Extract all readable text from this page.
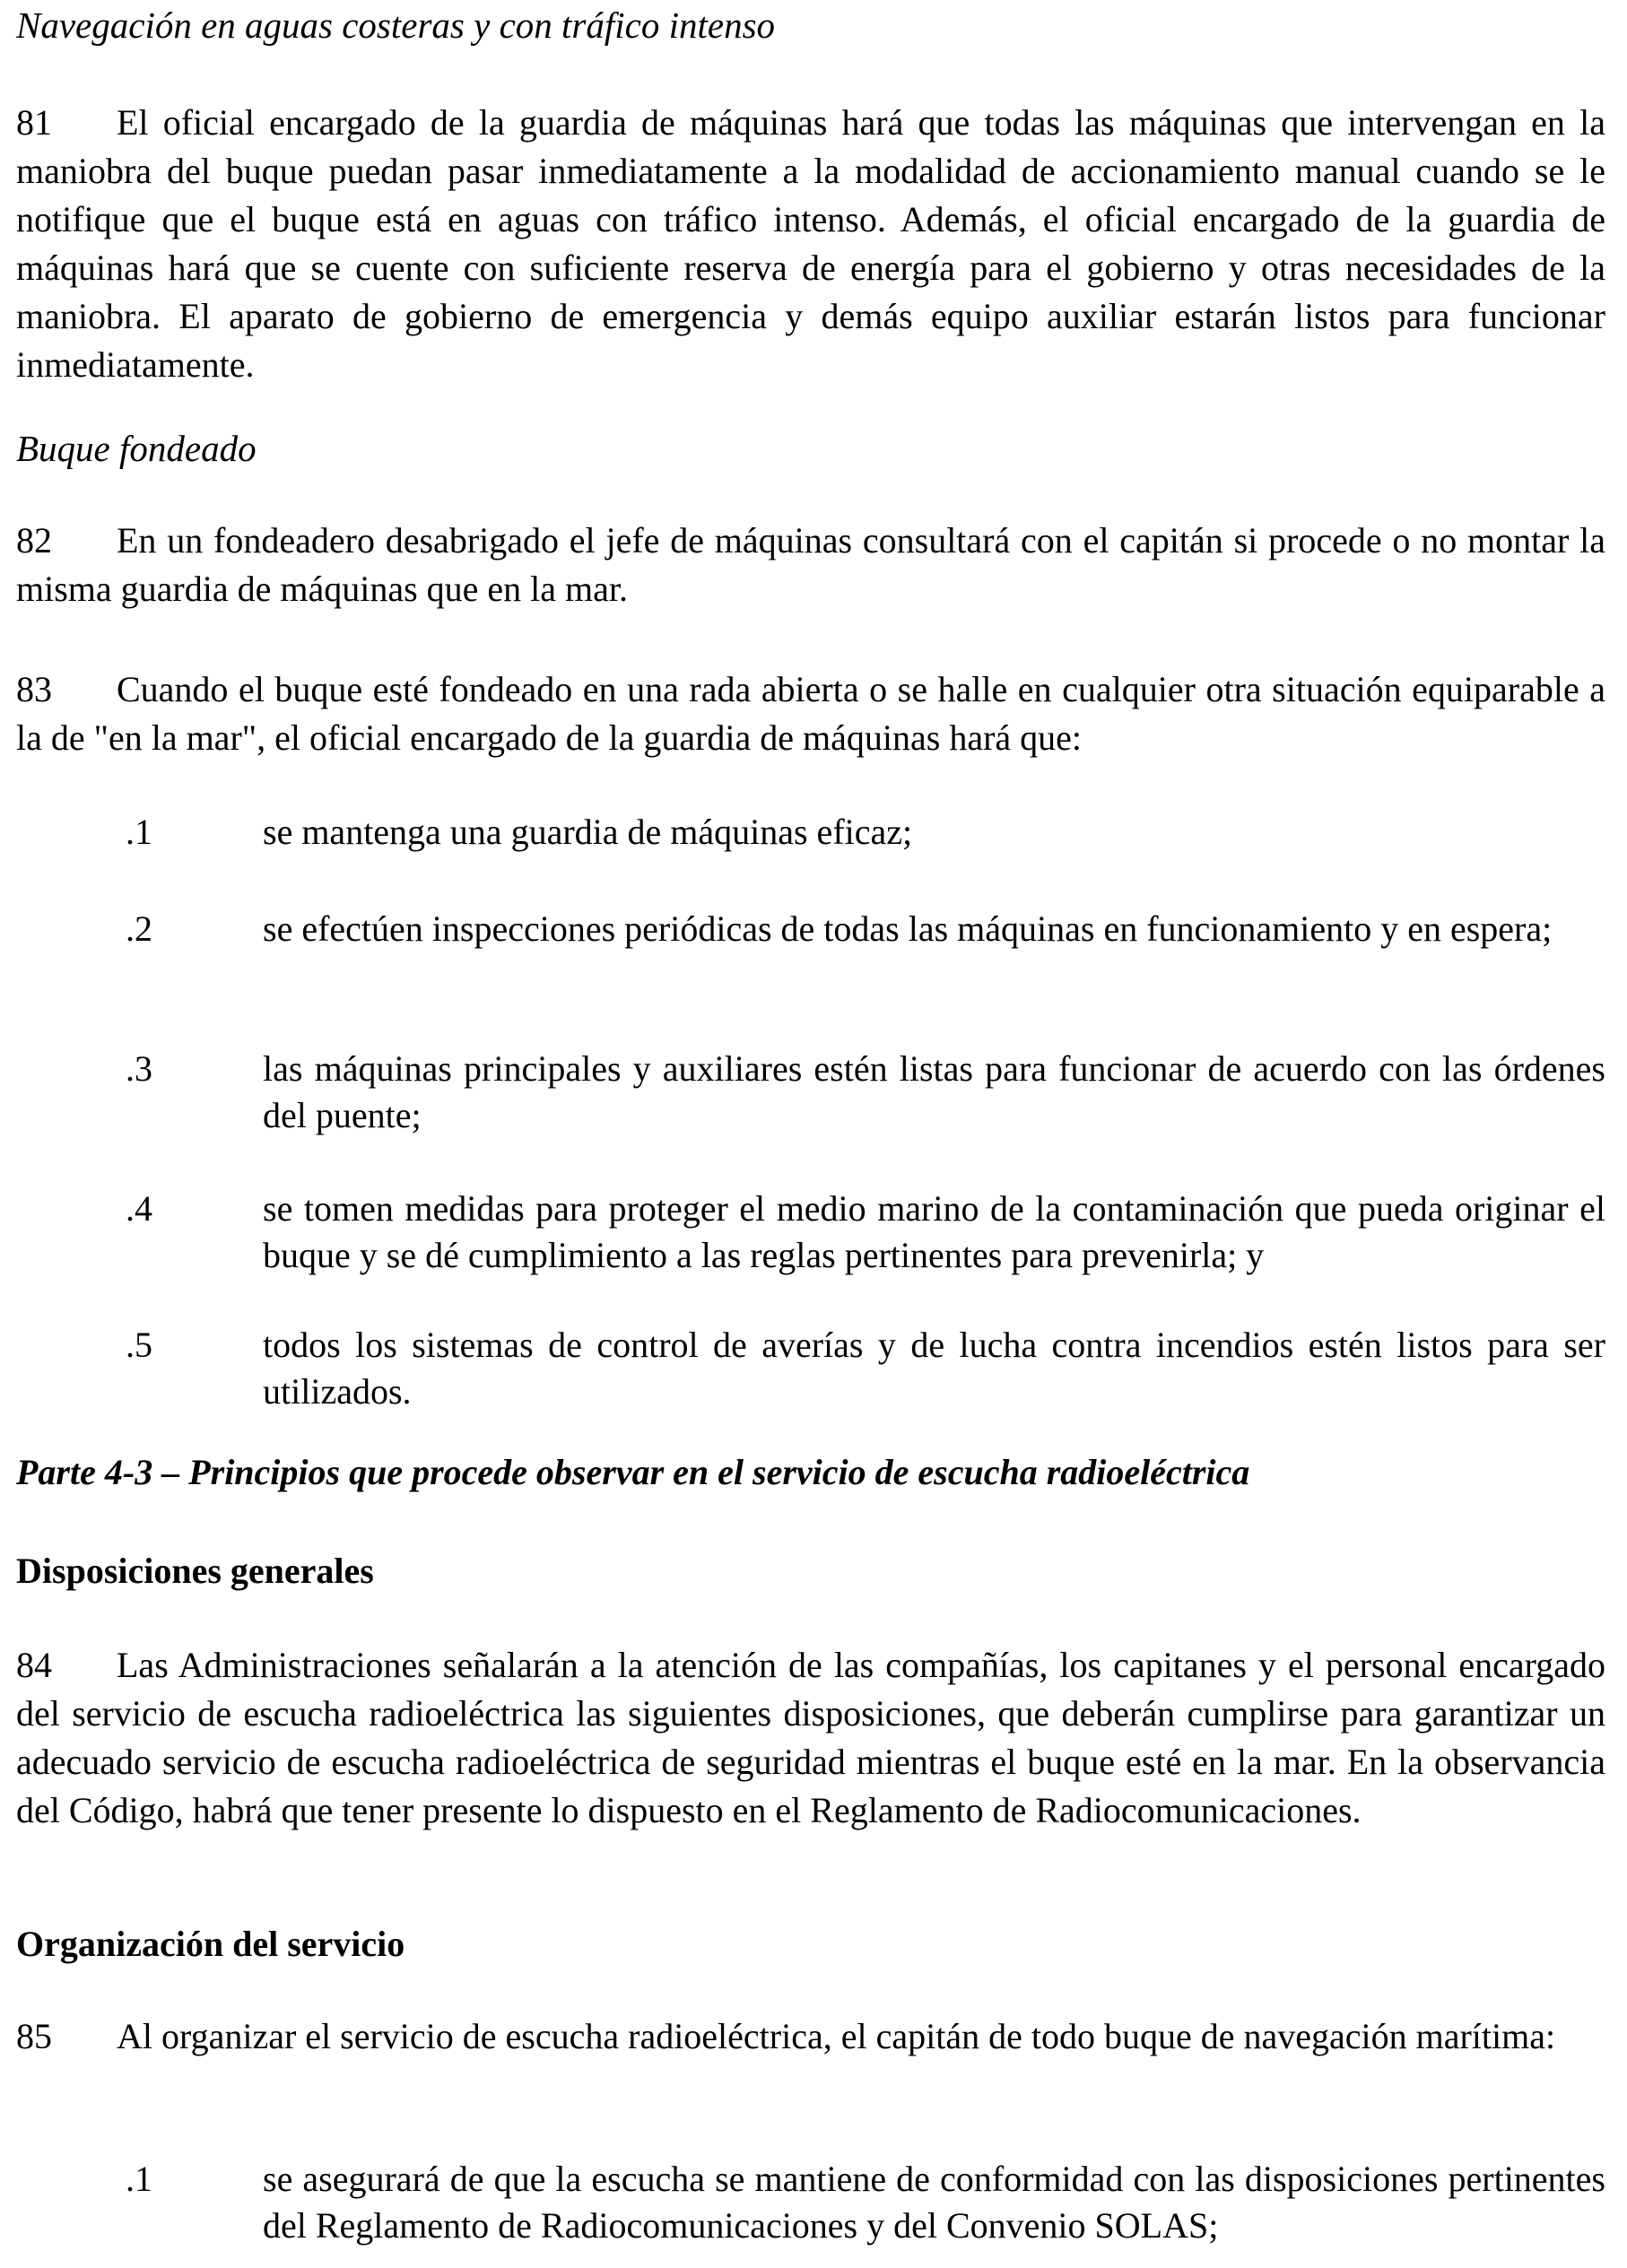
Navegación en aguas costeras y con tráfico intenso

81 El oficial encargado de la guardia de máquinas hará que todas las máquinas que intervengan en la maniobra del buque puedan pasar inmediatamente a la modalidad de accionamiento manual cuando se le notifique que el buque está en aguas con tráfico intenso. Además, el oficial encargado de la guardia de máquinas hará que se cuente con suficiente reserva de energía para el gobierno y otras necesidades de la maniobra. El aparato de gobierno de emergencia y demás equipo auxiliar estarán listos para funcionar inmediatamente.

Buque fondeado

82 En un fondeadero desabrigado el jefe de máquinas consultará con el capitán si procede o no montar la misma guardia de máquinas que en la mar.

83 Cuando el buque esté fondeado en una rada abierta o se halle en cualquier otra situación equiparable a la de "en la mar", el oficial encargado de la guardia de máquinas hará que:

.1	se mantenga una guardia de máquinas eficaz;
.2	se efectúen inspecciones periódicas de todas las máquinas en funcionamiento y en espera;
.3	las máquinas principales y auxiliares estén listas para funcionar de acuerdo con las órdenes del puente;
.4	se tomen medidas para proteger el medio marino de la contaminación que pueda originar el buque y se dé cumplimiento a las reglas pertinentes para prevenirla; y
.5	todos los sistemas de control de averías y de lucha contra incendios estén listos para ser utilizados.

Parte 4-3 – Principios que procede observar en el servicio de escucha radioeléctrica

Disposiciones generales

84 Las Administraciones señalarán a la atención de las compañías, los capitanes y el personal encargado del servicio de escucha radioeléctrica las siguientes disposiciones, que deberán cumplirse para garantizar un adecuado servicio de escucha radioeléctrica de seguridad mientras el buque esté en la mar. En la observancia del Código, habrá que tener presente lo dispuesto en el Reglamento de Radiocomunicaciones.

Organización del servicio

85 Al organizar el servicio de escucha radioeléctrica, el capitán de todo buque de navegación marítima:

.1	se asegurará de que la escucha se mantiene de conformidad con las disposiciones pertinentes del Reglamento de Radiocomunicaciones y del Convenio SOLAS;
